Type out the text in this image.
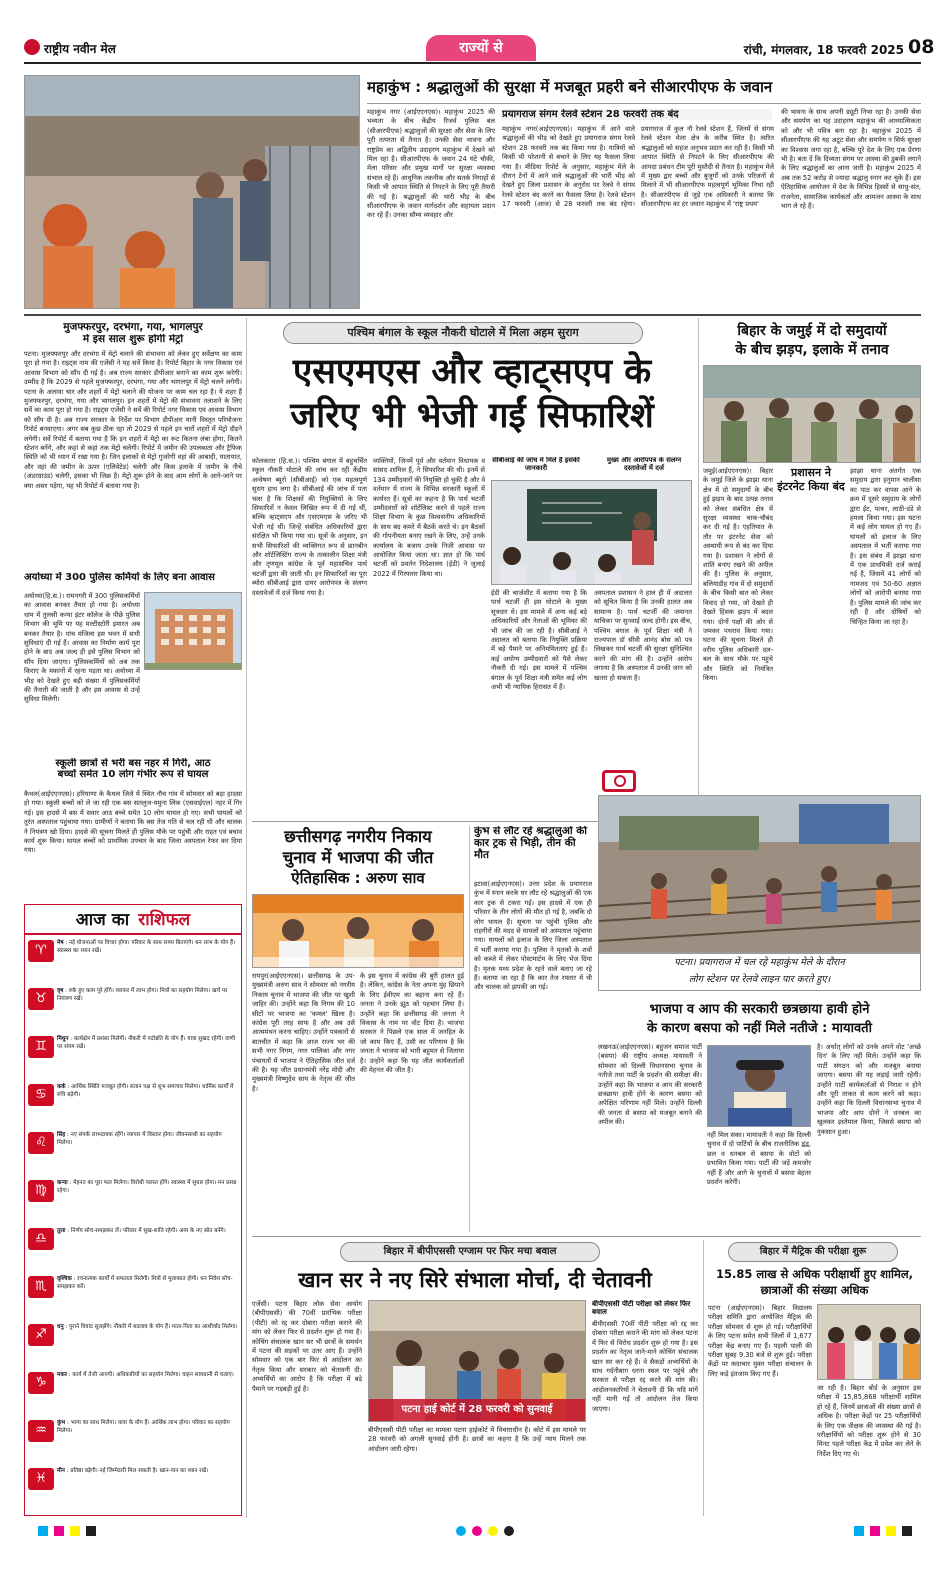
राष्ट्रीय नवीन मेल	राज्यों से	रांची, मंगलवार, 18 फरवरी 2025 08
महाकुंभ : श्रद्धालुओं की सुरक्षा में मजबूत प्रहरी बने सीआरपीएफ के जवान
महाकुंभ नगर (आईएएनएस)। महाकुंभ 2025 की भव्यता के बीच केंद्रीय रिजर्व पुलिस बल (सीआरपीएफ) श्रद्धालुओं की सुरक्षा और सेवा के लिए पूरी तत्परता से तैनात है। उनकी सेवा भावना और राष्ट्रप्रेम का अद्वितीय उदाहरण महाकुंभ में देखने को मिल रहा है। सीआरपीएफ के जवान 24 घंटे चौकी, मेला परिसर और प्रमुख मार्गों पर सुरक्षा व्यवस्था संभाल रहे हैं। आधुनिक तकनीक और सतर्क निगाहों से किसी भी आपात स्थिति से निपटने के लिए पूरी तैयारी की गई है। श्रद्धालुओं की भारी भीड़ के बीच सीआरपीएफ के जवान मार्गदर्शन और सहायता प्रदान कर रहे हैं। उनका सौम्य व्यवहार और
प्रयागराज संगम रेलवे स्टेशन 28 फरवरी तक बंद
महाकुंभ नगर(आईएएनएस)। महाकुंभ में आने वाले श्रद्धालुओं की भीड़ को देखते हुए प्रयागराज संगम रेलवे स्टेशन 28 फरवरी तक बंद किया गया है। यात्रियों को किसी भी परेशानी से बचाने के लिए यह फैसला लिया गया है। मीडिया रिपोर्ट के अनुसार, महाकुंभ मेले के दौरान टेनों में आने वाले श्रद्धालुओं की भारी भीड़ को देखते हुए जिला प्रशासन के अनुरोध पर रेलवे ने संगम रेलवे स्टेशन बंद करने का फैसला लिया है। रेलवे स्टेशन 17 फरवरी (आज) से 28 फरवरी तक बंद रहेगा। प्रयागराज में कुल नौ रेलवे स्टेशन हैं, जिनमें से संगम रेलवे स्टेशन मेला क्षेत्र के करीब स्थित है। त्वरित श्रद्धालुओं को सहज अनुभव प्रदान कर रही है। किसी भी आपात स्थिति से निपटने के लिए सीआरपीएफ की आपदा प्रबंधन टीम पूरी मुस्तैदी से तैनात है। महाकुंभ मेले में मुख्य द्वार बच्चों और बुजुर्गों को उनके परिजनों से मिलाने में भी सीआरपीएफ महत्वपूर्ण भूमिका निभा रही है। सीआरपीएफ से जुड़े एक अधिकारी ने बताया कि सीआरपीएफ का हर जवान महाकुंभ में 'राष्ट्र प्रथम'
की भावना के साथ अपनी ड्यूटी निभा रहा है। उनकी सेवा और समर्पण का यह उदाहरण महाकुंभ की आध्यात्मिकता को और भी पवित्र बना रहा है। महाकुंभ 2025 में सीआरपीएफ की यह अटूट सेवा और समर्पण न सिर्फ सुरक्षा का विश्वास जगा रहा है, बल्कि पूरे देश के लिए एक प्रेरणा भी है। बता दें कि दिव्यता संगम पर आस्था की डुबकी लगाने के लिए श्रद्धालुओं का आना जारी है। महाकुंभ 2025 में अब तक 52 करोड़ से ज्यादा श्रद्धालु स्नान कर चुके हैं। इस ऐतिहासिक आयोजन में देश के विभिन्न हिस्सों से साधु-संत, राजनेता, सामाजिक कार्यकर्ता और आमजन आस्था के साथ भाग ले रहे हैं।
मुजफ्फरपुर, दरभंगा, गया, भागलपुर
में इस साल शुरू होगी मेट्रो
पटना। मुजफ्फरपुर और दरभंगा में मेट्रो चलाने की संभावना को लेकर हुए सर्वेक्षण का काम पूरा हो गया है। राइट्स नाम की एजेंसी ने यह सर्वे किया है। रिपोर्ट बिहार के नगर विकास एवं आवास विभाग को सौंप दी गई है। अब राज्य सरकार डीपीआर बनाने का काम शुरू करेगी। उम्मीद है कि 2029 से पहले मुजफ्फरपुर, दरभंगा, गया और भागलपुर में मेट्रो चलने लगेगी। पटना के अलावा चार और शहरों में मेट्रो चलाने की योजना पर काम चल रहा है। ये शहर हैं मुजफ्फरपुर, दरभंगा, गया और भागलपुर। इन शहरों में मेट्रो की संभावना तलाशने के लिए सर्वे का काम पूरा हो गया है। राइट्स एजेंसी ने सर्वे की रिपोर्ट नगर विकास एवं आवास विभाग को सौंप दी है। अब राज्य सरकार के निर्देश पर विभाग डीपीआर यानी विस्तृत परियोजना रिपोर्ट बनवाएगा। अगर सब कुछ ठीक रहा तो 2029 से पहले इन चारों शहरों में मेट्रो दौड़ने लगेगी। सर्वे रिपोर्ट में बताया गया है कि इन शहरों में मेट्रो का रूट कितना लंबा होगा, कितने स्टेशन बनेंगे, और कहां से कहां तक मेट्रो चलेगी। रिपोर्ट में जमीन की उपलब्धता और ट्रैफिक स्थिति को भी ध्यान में रखा गया है। जिन इलाकों से मेट्रो गुजरेगी वहां की आबादी, यातायात, और वहां की जमीन के ऊपर (एलिवेटेड) चलेगी और किस इलाके में जमीन के नीचे (अंडरग्राउंड) चलेगी, इसका भी जिक्र है। मेट्रो शुरू होने के बाद आम लोगों के आने-जाने पर क्या असर पड़ेगा, यह भी रिपोर्ट में बताया गया है।
अयोध्या में 300 पुलिस कर्मियों के लिए बना आवास
अयोध्या(हि.स.)। रामनगरी में 300 पुलिसकर्मियों का आवास बनकर तैयार हो गया है। अयोध्या धाम में तुलसी कन्या इंटर कॉलेज के पीछे पुलिस विभाग की भूमि पर यह मल्टीस्टोरी इमारत अब बनकर तैयार है। पांच मंजिला इस भवन में सभी सुविधाएं दी गई हैं। आवास का निर्माण कार्य पूरा होने के बाद अब जल्द ही इसे पुलिस विभाग को सौंप दिया जाएगा। पुलिसकर्मियों को अब तक किराए के मकानों में रहना पड़ता था। अयोध्या में भीड़ को देखते हुए बड़ी संख्या में पुलिसकर्मियों की तैनाती की जाती है और इस आवास से उन्हें सुविधा मिलेगी।
स्कूली छात्रों से भरी बस नहर में गिरी, आठ
बच्चों समेत 10 लोग गंभीर रूप से घायल
कैथल(आईएएनएस)। हरियाणा के कैथल जिले में स्थित नौच गांव में सोमवार को बड़ा हादसा हो गया। स्कूली बच्चों को ले जा रही एक बस सतलुज-यमुना लिंक (एसवाईएल) नहर में गिर गई। इस हादसे में बस में सवार आठ बच्चे समेत 10 लोग घायल हो गए। सभी घायलों को तुरंत अस्पताल पहुंचाया गया। ग्रामीणों ने बताया कि बस तेज गति से चल रही थी और चालक ने नियंत्रण खो दिया। हादसे की सूचना मिलते ही पुलिस मौके पर पहुंची और राहत एवं बचाव कार्य शुरू किया। घायल बच्चों को प्राथमिक उपचार के बाद जिला अस्पताल रेफर कर दिया गया।
आज का राशिफल
♈	मेष : नई योजनाओं पर विचार होगा। परिवार के साथ समय बिताएंगे। धन लाभ के योग हैं। स्वास्थ्य का ध्यान रखें।
♉	वृष : रुके हुए काम पूरे होंगे। व्यापार में लाभ होगा। मित्रों का सहयोग मिलेगा। खर्च पर नियंत्रण रखें।
♊	मिथुन : कार्यक्षेत्र में प्रशंसा मिलेगी। नौकरी में पदोन्नति के योग हैं। यात्रा सुखद रहेगी। वाणी पर संयम रखें।
♋	कर्क : आर्थिक स्थिति मजबूत होगी। संतान पक्ष से शुभ समाचार मिलेगा। धार्मिक कार्यों में रुचि बढ़ेगी।
♌	सिंह : नए संपर्क लाभदायक रहेंगे। व्यापार में विस्तार होगा। जीवनसाथी का सहयोग मिलेगा।
♍	कन्या : मेहनत का पूरा फल मिलेगा। विरोधी परास्त होंगे। स्वास्थ्य में सुधार होगा। मन प्रसन्न रहेगा।
♎	तुला : निर्णय सोच-समझकर लें। परिवार में सुख-शांति रहेगी। आय के नए स्रोत बनेंगे।
♏	वृश्चिक : रचनात्मक कार्यों में सफलता मिलेगी। मित्रों से मुलाकात होगी। धन निवेश सोच-समझकर करें।
♐	धनु : पुराने विवाद सुलझेंगे। नौकरी में बदलाव के योग हैं। माता-पिता का आशीर्वाद मिलेगा।
♑	मकर : कार्य में तेजी आएगी। अधिकारियों का सहयोग मिलेगा। वाहन सावधानी से चलाएं।
♒	कुंभ : भाग्य का साथ मिलेगा। यात्रा के योग हैं। आर्थिक लाभ होगा। परिवार का सहयोग मिलेगा।
♓	मीन : प्रतिष्ठा बढ़ेगी। नई जिम्मेदारी मिल सकती है। खान-पान का ध्यान रखें।
पश्चिम बंगाल के स्कूल नौकरी घोटाले में मिला अहम सुराग
एसएमएस और व्हाट्सएप के
जरिए भी भेजी गईं सिफारिशें
कोलकाता (हि.स.)। पश्चिम बंगाल में बहुचर्चित स्कूल नौकरी घोटाले की जांच कर रही केंद्रीय अन्वेषण ब्यूरो (सीबीआई) को एक महत्वपूर्ण सुराग हाथ लगा है। सीबीआई की जांच में पता चला है कि शिक्षकों की नियुक्तियों के लिए सिफारिशें न केवल लिखित रूप में दी गई थीं, बल्कि व्हाट्सएप और एसएमएस के जरिए भी भेजी गई थीं। जिन्हें संबंधित अधिकारियों द्वारा संरक्षित भी किया गया था। सूत्रों के अनुसार, इन सभी सिफारिशों की व्यक्तिगत रूप से छानबीन और शॉर्टलिस्टिंग राज्य के तत्कालीन शिक्षा मंत्री और तृणमूल कांग्रेस के पूर्व महासचिव पार्थ चटर्जी द्वारा की जाती थी। इन सिफारिशों का पूरा ब्योरा सीबीआई द्वारा दायर आरोपपत्र के संलग्न दस्तावेजों में दर्ज किया गया है।
व्यक्तियों, जिनमें पूर्व और वर्तमान विधायक व सांसद शामिल हैं, ने सिफारिश की थी। इनमें से 134 उम्मीदवारों की नियुक्ति हो चुकी है और वे वर्तमान में राज्य के विभिन्न सरकारी स्कूलों में कार्यरत हैं। सूत्रों का कहना है कि पार्थ चटर्जी उम्मीदवारों को शॉर्टलिस्ट करने से पहले राज्य शिक्षा विभाग के कुछ विश्वसनीय अधिकारियों के साथ बंद कमरे में बैठकें करते थे। इन बैठकों की गोपनीयता बनाए रखने के लिए, उन्हें उनके कार्यालय के बजाय उनके निजी आवास पर आयोजित किया जाता था। ज्ञात हो कि पार्थ चटर्जी को प्रवर्तन निदेशालय (ईडी) ने जुलाई 2022 में गिरफ्तार किया था।
सीबीआई की जांच में मिले हैं इसकी जानकारी
मुख्य और आरोपपत्र के संलग्न दस्तावेजों में दर्ज
ईडी की चार्जशीट में बताया गया है कि पार्थ चटर्जी ही इस घोटाले के मुख्य सूत्रधार थे। इस मामले में अन्य कई बड़े अधिकारियों और नेताओं की भूमिका की भी जांच की जा रही है। सीबीआई ने अदालत को बताया कि नियुक्ति प्रक्रिया में बड़े पैमाने पर अनियमितताएं हुई हैं। कई अयोग्य उम्मीदवारों को पैसे लेकर नौकरी दी गई। इस मामले में पश्चिम बंगाल के पूर्व शिक्षा मंत्री समेत कई लोग अभी भी न्यायिक हिरासत में हैं।
अस्पताल प्रशासन ने हाल ही में अदालत को सूचित किया है कि उनकी हालत अब सामान्य है। पार्थ चटर्जी की जमानत याचिका पर सुनवाई जल्द होगी। इस बीच, पश्चिम बंगाल के पूर्व शिक्षा मंत्री ने राज्यपाल डॉ सीवी आनंद बोस को पत्र लिखकर पार्थ चटर्जी की सुरक्षा सुनिश्चित करने की मांग की है। उन्होंने आरोप लगाया है कि अस्पताल में उनकी जान को खतरा हो सकता है।
छत्तीसगढ़ नगरीय निकाय
चुनाव में भाजपा की जीत
ऐतिहासिक : अरुण साव
रायपुर(आईएएनएस)। छत्तीसगढ़ के उप-मुख्यमंत्री अरुण साव ने सोमवार को नगरीय निकाय चुनाव में भाजपा की जीत पर खुशी जाहिर की। उन्होंने कहा कि निगम की 10 सीटों पर भाजपा का 'कमल' खिला है। कांग्रेस पूरी तरह साफ है और अब उसे आत्ममंथन करना चाहिए। उन्होंने पत्रकारों से बातचीत में कहा कि आज राज्य भर की सभी नगर निगम, नगर पालिका और नगर पंचायतों में भाजपा ने ऐतिहासिक जीत दर्ज की है। यह जीत प्रधानमंत्री नरेंद्र मोदी और मुख्यमंत्री विष्णुदेव साय के नेतृत्व की जीत है।
के इस चुनाव में कांग्रेस की बुरी हालत हुई है। लेकिन, कांग्रेस के नेता अपना मुंह छिपाने के लिए ईवीएम का बहाना बना रहे हैं। जनता ने उनके झूठ को पहचान लिया है। उन्होंने कहा कि छत्तीसगढ़ की जनता ने विकास के नाम पर वोट दिया है। भाजपा सरकार ने पिछले एक साल में जनहित के जो काम किए हैं, उसी का परिणाम है कि जनता ने भाजपा को भारी बहुमत से जिताया है। उन्होंने कहा कि यह जीत कार्यकर्ताओं की मेहनत की जीत है।
कुंभ से लौट रहे श्रद्धालुओं की कार ट्रक से भिड़ी, तीन की मौत
इटावा(आईएएनएस)। उत्तर प्रदेश के प्रयागराज कुंभ में स्नान करके घर लौट रहे श्रद्धालुओं की एक कार ट्रक से टकरा गई। इस हादसे में एक ही परिवार के तीन लोगों की मौत हो गई है, जबकि दो लोग घायल हैं। सूचना पर पहुंची पुलिस और राहगीरों की मदद से घायलों को अस्पताल पहुंचाया गया। घायलों को इलाज के लिए जिला अस्पताल में भर्ती कराया गया है। पुलिस ने मृतकों के शवों को कब्जे में लेकर पोस्टमार्टम के लिए भेज दिया है। मृतक मध्य प्रदेश के रहने वाले बताए जा रहे हैं। बताया जा रहा है कि कार तेज रफ्तार में थी और चालक को झपकी आ गई।
बिहार के जमुई में दो समुदायों
के बीच झड़प, इलाके में तनाव
जमुई(आईएएनएस)। बिहार के जमुई जिले के झाझा थाना क्षेत्र में दो समुदायों के बीच हुई झड़प के बाद उत्पन्न तनाव को लेकर संबंधित क्षेत्र में सुरक्षा व्यवस्था चाक-चौबंद कर दी गई है। एहतियात के तौर पर इंटरनेट सेवा को अस्थायी रूप से बंद कर दिया गया है। प्रशासन ने लोगों से शांति बनाए रखने की अपील की है। पुलिस के अनुसार, बलियाडीह गांव में दो समुदायों के बीच किसी बात को लेकर विवाद हो गया, जो देखते ही देखते हिंसक झड़प में बदल गया। दोनों पक्षों की ओर से जमकर पथराव किया गया। घटना की सूचना मिलते ही वरीय पुलिस अधिकारी दल-बल के साथ मौके पर पहुंचे और स्थिति को नियंत्रित किया।
प्रशासन ने इंटरनेट किया बंद
झाझा थाना अंतर्गत एक समुदाय द्वारा हनुमान चालीसा का पाठ कर वापस आने के क्रम में दूसरे समुदाय के लोगों द्वारा ईंट, पत्थर, लाठी-डंडे से हमला किया गया। इस घटना में कई लोग घायल हो गए हैं। घायलों को इलाज के लिए अस्पताल में भर्ती कराया गया है। इस संबंध में झाझा थाना में एक प्राथमिकी दर्ज कराई गई है, जिसमें 41 लोगों को नामजद एवं 50-60 अज्ञात लोगों को आरोपी बनाया गया है। पुलिस मामले की जांच कर रही है और दोषियों को चिन्हित किया जा रहा है।
पटना। प्रयागराज में चल रहे महाकुंभ मेले के दौरान
लोग स्टेशन पर रेलवे लाइन पार करते हुए।
भाजपा व आप की सरकारी छत्रछाया हावी होने
के कारण बसपा को नहीं मिले नतीजे : मायावती
लखनऊ(आईएएनएस)। बहुजन समाज पार्टी (बसपा) की राष्ट्रीय अध्यक्ष मायावती ने सोमवार को दिल्ली विधानसभा चुनाव के नतीजे तथा पार्टी के प्रदर्शन की समीक्षा की। उन्होंने कहा कि भाजपा व आप की सरकारी छत्रछाया हावी होने के कारण बसपा को अपेक्षित परिणाम नहीं मिले। उन्होंने दिल्ली की जनता से बसपा को मजबूत बनाने की अपील की।
नहीं मिल सका। मायावती ने कहा कि दिल्ली चुनाव में दो पार्टियों के बीच राजनीतिक द्वंद्व, छल व धनबल से बसपा के वोटों को प्रभावित किया गया। पार्टी की जड़ें कमजोर नहीं हैं और आगे के चुनावों में बसपा बेहतर प्रदर्शन करेगी।
है। अर्थात् लोगों को उनके अपने वोट 'अच्छे दिन' के लिए नहीं मिले। उन्होंने कहा कि पार्टी संगठन को और मजबूत बनाया जाएगा। बसपा की यह लड़ाई जारी रहेगी। उन्होंने पार्टी कार्यकर्ताओं से निराश न होने और पूरी ताकत से काम करने को कहा। उन्होंने कहा कि दिल्ली विधानसभा चुनाव में भाजपा और आप दोनों ने धनबल का खुलकर इस्तेमाल किया, जिससे बसपा को नुकसान हुआ।
बिहार में बीपीएससी एग्जाम पर फिर मचा बवाल
खान सर ने नए सिरे संभाला मोर्चा, दी चेतावनी
एजेंसी। पटना बिहार लोक सेवा आयोग (बीपीएससी) की 70वीं प्रारंभिक परीक्षा (पीटी) को रद्द कर दोबारा परीक्षा कराने की मांग को लेकर फिर से प्रदर्शन शुरू हो गया है। कोचिंग संचालक खान सर भी छात्रों के समर्थन में पटना की सड़कों पर उतर आए हैं। उन्होंने सोमवार को एक बार फिर से आंदोलन का नेतृत्व किया और सरकार को चेतावनी दी। अभ्यर्थियों का आरोप है कि परीक्षा में बड़े पैमाने पर गड़बड़ी हुई है।
पटना हाई कोर्ट में 28 फरवरी को सुनवाई
बीपीएससी पीटी परीक्षा का मामला पटना हाईकोर्ट में विचाराधीन है। कोर्ट में इस मामले पर 28 फरवरी को अगली सुनवाई होनी है। छात्रों का कहना है कि उन्हें न्याय मिलने तक आंदोलन जारी रहेगा।
बीपीएससी पीटी परीक्षा को लेकर फिर बवाल
बीपीएससी 70वीं पीटी परीक्षा को रद्द कर दोबारा परीक्षा कराने की मांग को लेकर पटना में फिर से विरोध प्रदर्शन शुरू हो गया है। इस प्रदर्शन का नेतृत्व जाने-माने कोचिंग संचालक खान सर कर रहे हैं। वे सैकड़ों अभ्यर्थियों के साथ गर्दनीबाग धरना स्थल पर पहुंचे और सरकार से परीक्षा रद्द करने की मांग की। आंदोलनकारियों ने चेतावनी दी कि यदि मांगें नहीं मानी गईं तो आंदोलन तेज किया जाएगा।
बिहार में मैट्रिक की परीक्षा शुरू
15.85 लाख से अधिक परीक्षार्थी हुए शामिल, छात्राओं की संख्या अधिक
पटना (आईएएनएस)। बिहार विद्यालय परीक्षा समिति द्वारा आयोजित मैट्रिक की परीक्षा सोमवार से शुरू हो गई। परीक्षार्थियों के लिए पटना समेत सभी जिलों में 1,677 परीक्षा केंद्र बनाए गए हैं। पहली पाली की परीक्षा सुबह 9.30 बजे से शुरू हुई। परीक्षा केंद्रों पर कदाचार मुक्त परीक्षा संचालन के लिए कड़े इंतजाम किए गए हैं।
जा रही है। बिहार बोर्ड के अनुसार इस परीक्षा में 15,85,868 परीक्षार्थी शामिल हो रहे हैं, जिनमें छात्राओं की संख्या छात्रों से अधिक है। परीक्षा केंद्रों पर 25 परीक्षार्थियों के लिए एक वीक्षक की व्यवस्था की गई है। परीक्षार्थियों को परीक्षा शुरू होने से 30 मिनट पहले परीक्षा केंद्र में प्रवेश कर लेने के निर्देश दिए गए थे।
